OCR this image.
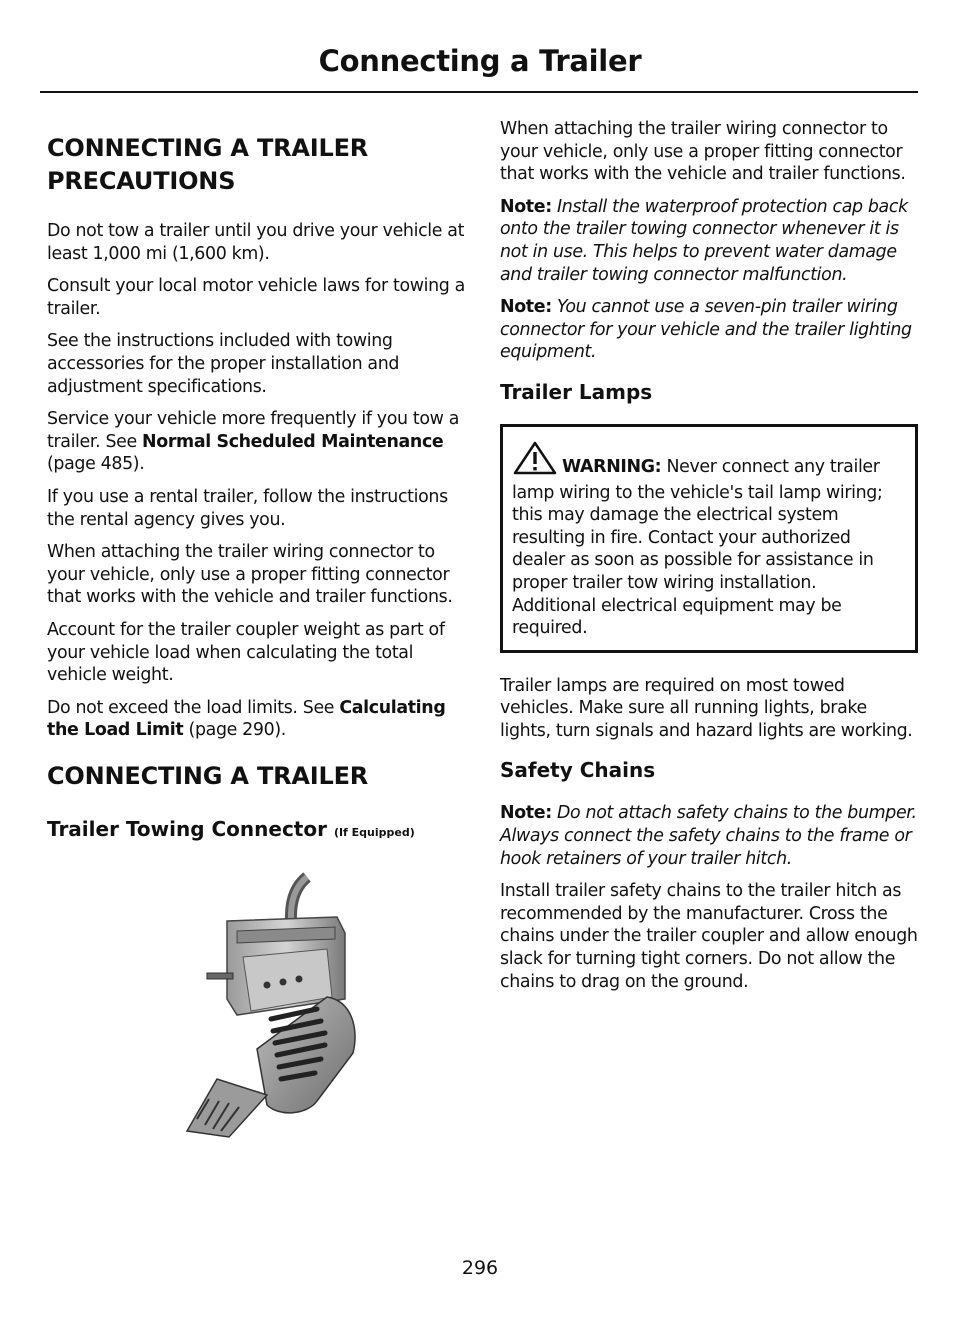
Connecting a Trailer
CONNECTING A TRAILER PRECAUTIONS

Do not tow a trailer until you drive your vehicle at least 1,000 mi (1,600 km).

Consult your local motor vehicle laws for towing a trailer.

See the instructions included with towing accessories for the proper installation and adjustment specifications.

Service your vehicle more frequently if you tow a trailer. See Normal Scheduled Maintenance (page 485).

If you use a rental trailer, follow the instructions the rental agency gives you.

When attaching the trailer wiring connector to your vehicle, only use a proper fitting connector that works with the vehicle and trailer functions.

Account for the trailer coupler weight as part of your vehicle load when calculating the total vehicle weight.

Do not exceed the load limits. See Calculating the Load Limit (page 290).

CONNECTING A TRAILER
Trailer Towing Connector (If Equipped)

When attaching the trailer wiring connector to your vehicle, only use a proper fitting connector that works with the vehicle and trailer functions.

Note: Install the waterproof protection cap back onto the trailer towing connector whenever it is not in use. This helps to prevent water damage and trailer towing connector malfunction.

Note: You cannot use a seven-pin trailer wiring connector for your vehicle and the trailer lighting equipment.

Trailer Lamps

WARNING: Never connect any trailer lamp wiring to the vehicle's tail lamp wiring; this may damage the electrical system resulting in fire. Contact your authorized dealer as soon as possible for assistance in proper trailer tow wiring installation. Additional electrical equipment may be required.

Trailer lamps are required on most towed vehicles. Make sure all running lights, brake lights, turn signals and hazard lights are working.

Safety Chains

Note: Do not attach safety chains to the bumper. Always connect the safety chains to the frame or hook retainers of your trailer hitch.

Install trailer safety chains to the trailer hitch as recommended by the manufacturer. Cross the chains under the trailer coupler and allow enough slack for turning tight corners. Do not allow the chains to drag on the ground.

296
